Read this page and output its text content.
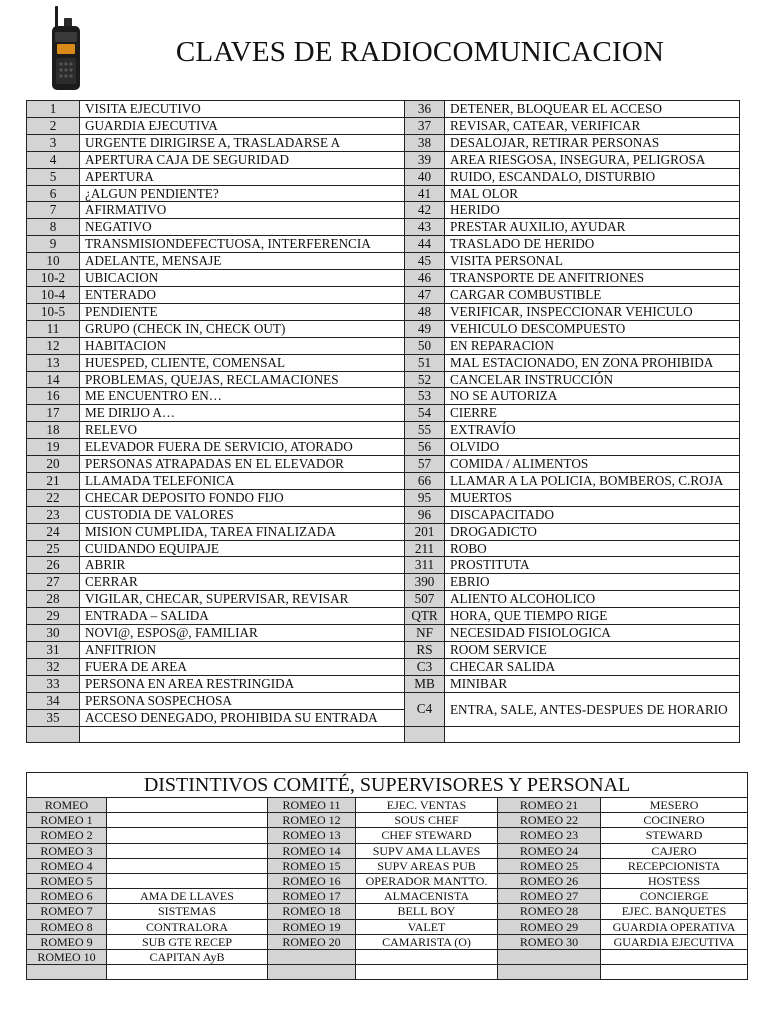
CLAVES DE RADIOCOMUNICACION
1	VISITA EJECUTIVO	36	DETENER, BLOQUEAR EL ACCESO
2	GUARDIA EJECUTIVA	37	REVISAR, CATEAR, VERIFICAR
3	URGENTE DIRIGIRSE A, TRASLADARSE A	38	DESALOJAR, RETIRAR PERSONAS
4	APERTURA CAJA DE SEGURIDAD	39	AREA RIESGOSA, INSEGURA, PELIGROSA
5	APERTURA	40	RUIDO, ESCANDALO, DISTURBIO
6	¿ALGUN PENDIENTE?	41	MAL OLOR
7	AFIRMATIVO	42	HERIDO
8	NEGATIVO	43	PRESTAR AUXILIO, AYUDAR
9	TRANSMISIONDEFECTUOSA, INTERFERENCIA	44	TRASLADO DE HERIDO
10	ADELANTE, MENSAJE	45	VISITA PERSONAL
10-2	UBICACION	46	TRANSPORTE DE ANFITRIONES
10-4	ENTERADO	47	CARGAR COMBUSTIBLE
10-5	PENDIENTE	48	VERIFICAR, INSPECCIONAR VEHICULO
11	GRUPO (CHECK IN, CHECK OUT)	49	VEHICULO DESCOMPUESTO
12	HABITACION	50	EN REPARACION
13	HUESPED, CLIENTE, COMENSAL	51	MAL ESTACIONADO, EN ZONA PROHIBIDA
14	PROBLEMAS, QUEJAS, RECLAMACIONES	52	CANCELAR INSTRUCCIÓN
16	ME ENCUENTRO EN…	53	NO SE AUTORIZA
17	ME DIRIJO A…	54	CIERRE
18	RELEVO	55	EXTRAVÍO
19	ELEVADOR FUERA DE SERVICIO, ATORADO	56	OLVIDO
20	PERSONAS ATRAPADAS EN EL ELEVADOR	57	COMIDA / ALIMENTOS
21	LLAMADA TELEFONICA	66	LLAMAR A LA POLICIA, BOMBEROS, C.ROJA
22	CHECAR DEPOSITO FONDO FIJO	95	MUERTOS
23	CUSTODIA DE VALORES	96	DISCAPACITADO
24	MISION CUMPLIDA, TAREA FINALIZADA	201	DROGADICTO
25	CUIDANDO EQUIPAJE	211	ROBO
26	ABRIR	311	PROSTITUTA
27	CERRAR	390	EBRIO
28	VIGILAR, CHECAR, SUPERVISAR, REVISAR	507	ALIENTO ALCOHOLICO
29	ENTRADA – SALIDA	QTR	HORA, QUE TIEMPO RIGE
30	NOVI@, ESPOS@, FAMILIAR	NF	NECESIDAD FISIOLOGICA
31	ANFITRION	RS	ROOM SERVICE
32	FUERA DE AREA	C3	CHECAR SALIDA
33	PERSONA EN AREA RESTRINGIDA	MB	MINIBAR
34	PERSONA SOSPECHOSA	C4	ENTRA, SALE, ANTES-DESPUES DE HORARIO
35	ACCESO DENEGADO, PROHIBIDA SU ENTRADA		

DISTINTIVOS COMITÉ, SUPERVISORES Y PERSONAL					
ROMEO		ROMEO 11	EJEC. VENTAS	ROMEO 21	MESERO
ROMEO 1		ROMEO 12	SOUS CHEF	ROMEO 22	COCINERO
ROMEO 2		ROMEO 13	CHEF STEWARD	ROMEO 23	STEWARD
ROMEO 3		ROMEO 14	SUPV AMA LLAVES	ROMEO 24	CAJERO
ROMEO 4		ROMEO 15	SUPV AREAS PUB	ROMEO 25	RECEPCIONISTA
ROMEO 5		ROMEO 16	OPERADOR MANTTO.	ROMEO 26	HOSTESS
ROMEO 6	AMA DE LLAVES	ROMEO 17	ALMACENISTA	ROMEO 27	CONCIERGE
ROMEO 7	SISTEMAS	ROMEO 18	BELL BOY	ROMEO 28	EJEC. BANQUETES
ROMEO 8	CONTRALORA	ROMEO 19	VALET	ROMEO 29	GUARDIA OPERATIVA
ROMEO 9	SUB GTE RECEP	ROMEO 20	CAMARISTA (O)	ROMEO 30	GUARDIA EJECUTIVA
ROMEO 10	CAPITAN AyB				
